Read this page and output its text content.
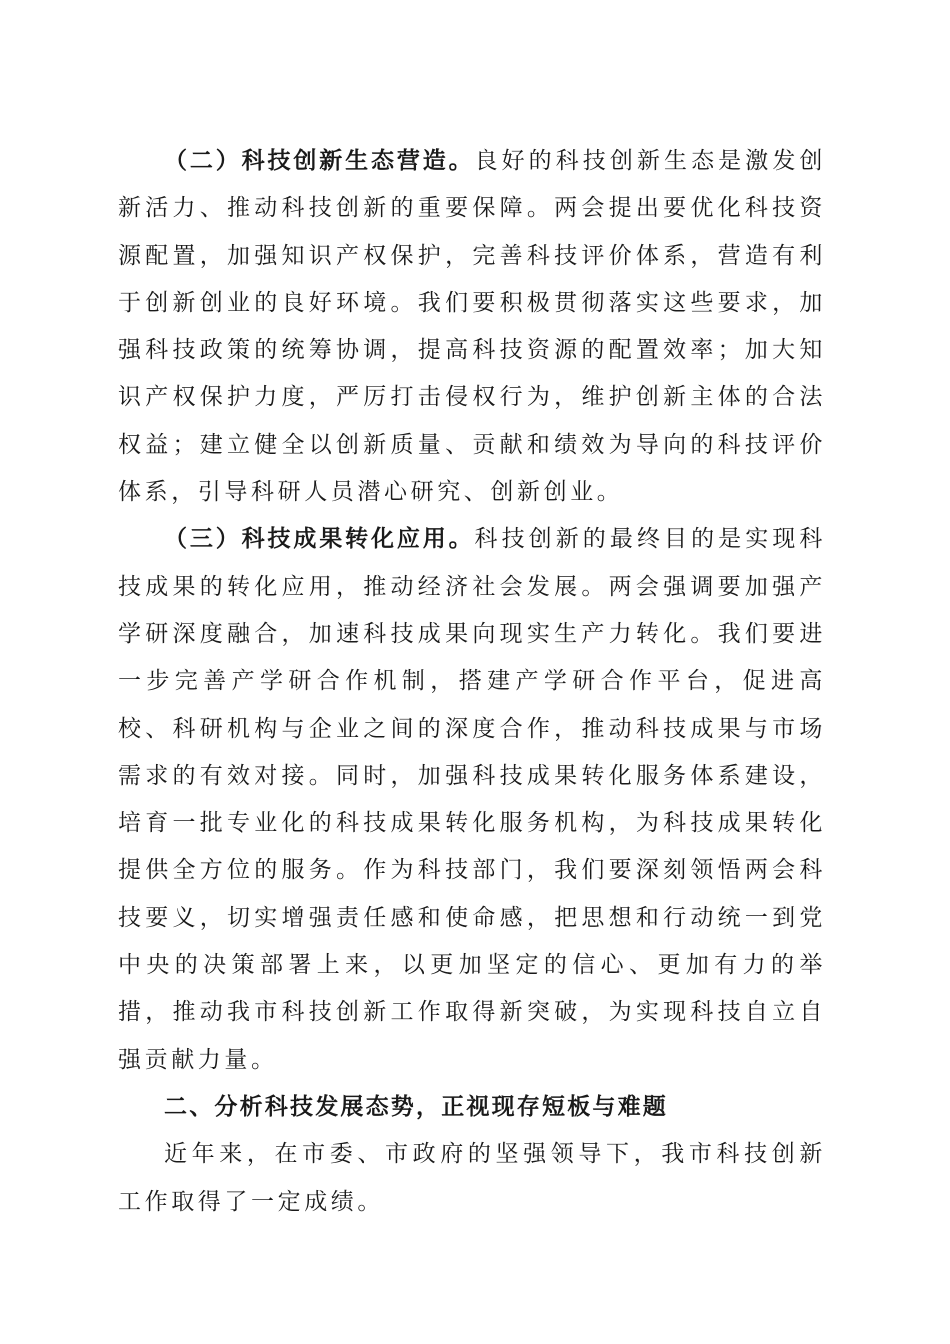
（二）科技创新生态营造。良好的科技创新生态是激发创新活力、推动科技创新的重要保障。两会提出要优化科技资源配置，加强知识产权保护，完善科技评价体系，营造有利于创新创业的良好环境。我们要积极贯彻落实这些要求，加强科技政策的统筹协调，提高科技资源的配置效率；加大知识产权保护力度，严厉打击侵权行为，维护创新主体的合法权益；建立健全以创新质量、贡献和绩效为导向的科技评价体系，引导科研人员潜心研究、创新创业。

（三）科技成果转化应用。科技创新的最终目的是实现科技成果的转化应用，推动经济社会发展。两会强调要加强产学研深度融合，加速科技成果向现实生产力转化。我们要进一步完善产学研合作机制，搭建产学研合作平台，促进高校、科研机构与企业之间的深度合作，推动科技成果与市场需求的有效对接。同时，加强科技成果转化服务体系建设，培育一批专业化的科技成果转化服务机构，为科技成果转化提供全方位的服务。作为科技部门，我们要深刻领悟两会科技要义，切实增强责任感和使命感，把思想和行动统一到党中央的决策部署上来，以更加坚定的信心、更加有力的举措，推动我市科技创新工作取得新突破，为实现科技自立自强贡献力量。

二、分析科技发展态势，正视现存短板与难题

近年来，在市委、市政府的坚强领导下，我市科技创新工作取得了一定成绩。
